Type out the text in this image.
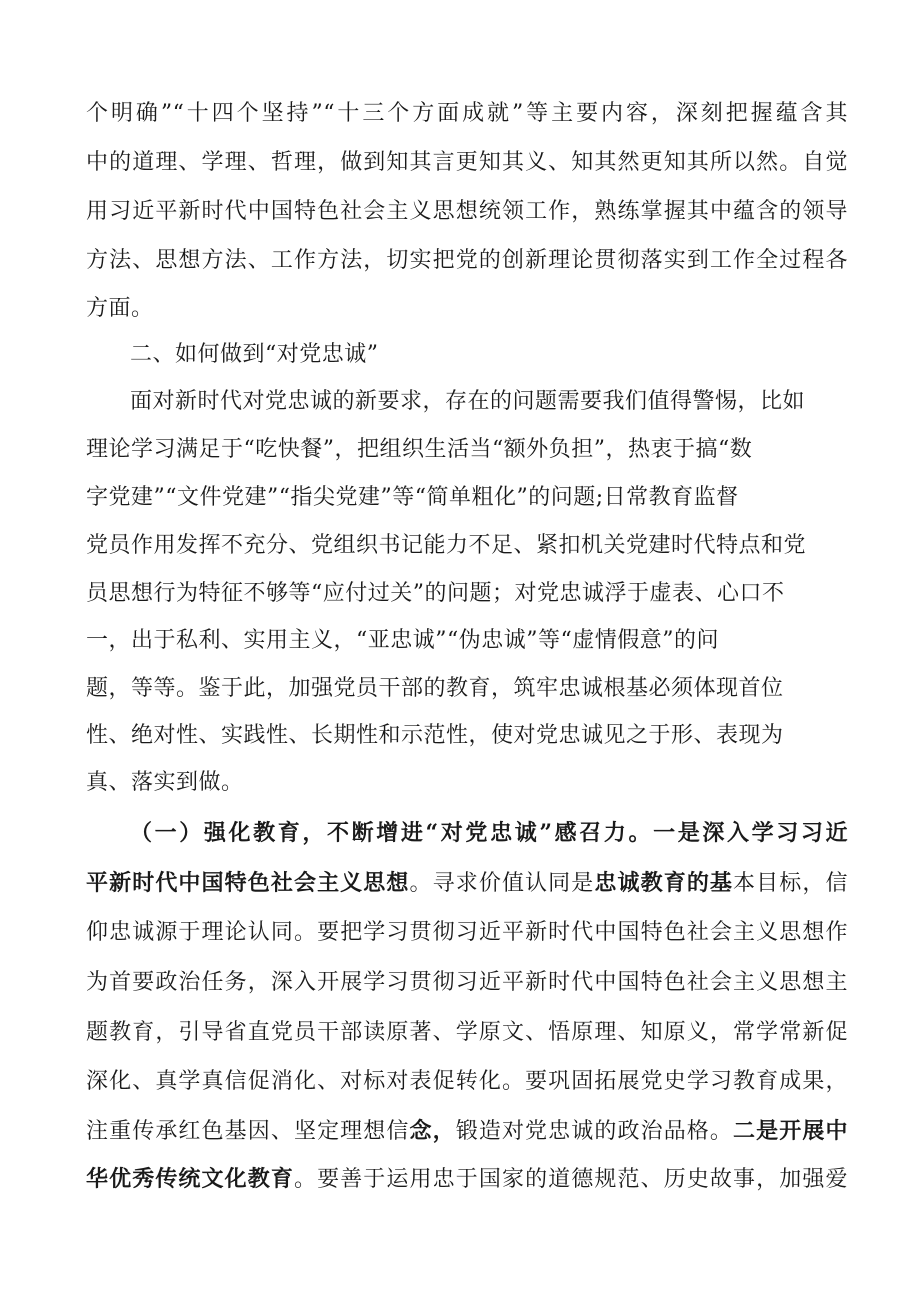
个明确”“十四个坚持”“十三个方面成就”等主要内容，深刻把握蕴含其
中的道理、学理、哲理，做到知其言更知其义、知其然更知其所以然。自觉
用习近平新时代中国特色社会主义思想统领工作，熟练掌握其中蕴含的领导
方法、思想方法、工作方法，切实把党的创新理论贯彻落实到工作全过程各
方面。
二、如何做到“对党忠诚”
面对新时代对党忠诚的新要求，存在的问题需要我们值得警惕，比如
理论学习满足于“吃快餐”，把组织生活当“额外负担”，热衷于搞“数
字党建”“文件党建”“指尖党建”等“简单粗化”的问题;日常教育监督
党员作用发挥不充分、党组织书记能力不足、紧扣机关党建时代特点和党
员思想行为特征不够等“应付过关”的问题；对党忠诚浮于虚表、心口不
一，出于私利、实用主义，“亚忠诚”“伪忠诚”等“虚情假意”的问
题，等等。鉴于此，加强党员干部的教育，筑牢忠诚根基必须体现首位
性、绝对性、实践性、长期性和示范性，使对党忠诚见之于形、表现为
真、落实到做。
（一）强化教育，不断增进“对党忠诚”感召力。一是深入学习习近
平新时代中国特色社会主义思想。寻求价值认同是忠诚教育的基本目标，信
仰忠诚源于理论认同。要把学习贯彻习近平新时代中国特色社会主义思想作
为首要政治任务，深入开展学习贯彻习近平新时代中国特色社会主义思想主
题教育，引导省直党员干部读原著、学原文、悟原理、知原义，常学常新促
深化、真学真信促消化、对标对表促转化。要巩固拓展党史学习教育成果，
注重传承红色基因、坚定理想信念，锻造对党忠诚的政治品格。二是开展中
华优秀传统文化教育。要善于运用忠于国家的道德规范、历史故事，加强爱
